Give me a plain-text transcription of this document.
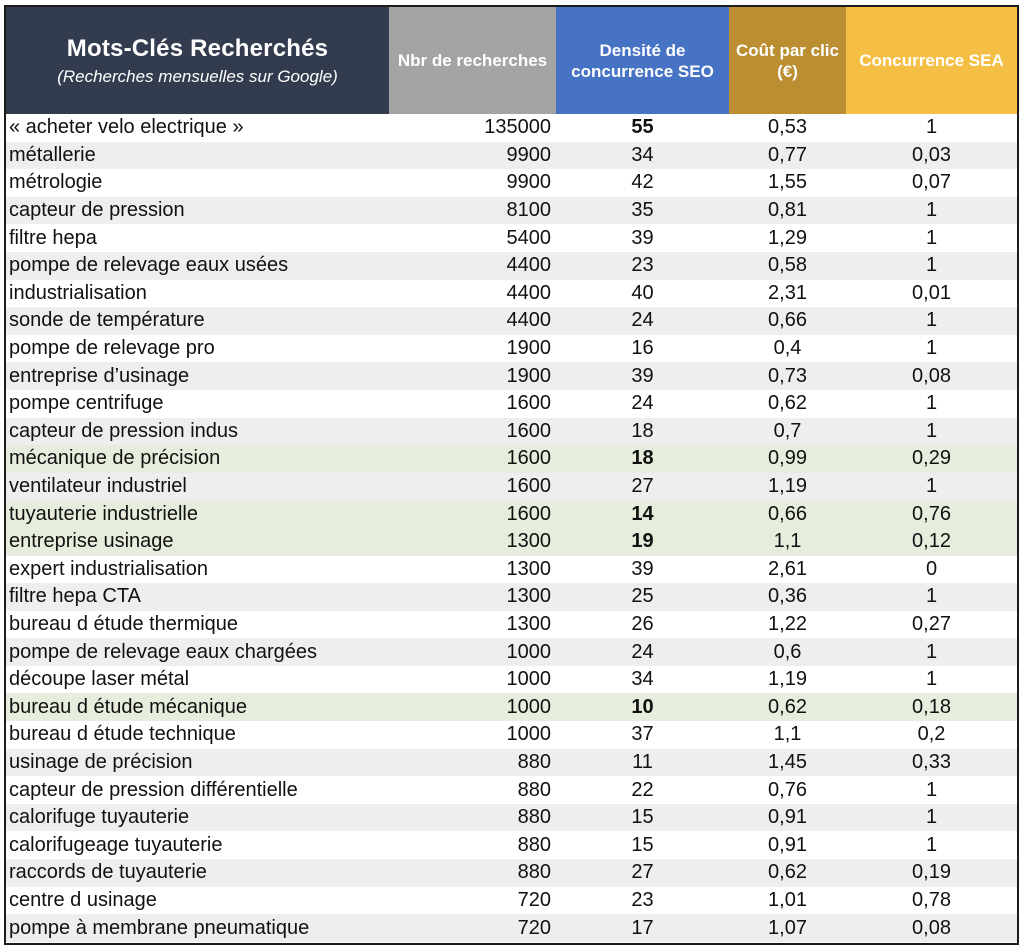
Mots-Clés Recherchés
(Recherches mensuelles sur Google)	Nbr de recherches	Densité de concurrence SEO	Coût par clic (€)	Concurrence SEA
« acheter velo electrique »	135000	55	0,53	1
métallerie	9900	34	0,77	0,03
métrologie	9900	42	1,55	0,07
capteur de pression	8100	35	0,81	1
filtre hepa	5400	39	1,29	1
pompe de relevage eaux usées	4400	23	0,58	1
industrialisation	4400	40	2,31	0,01
sonde de température	4400	24	0,66	1
pompe de relevage pro	1900	16	0,4	1
entreprise d’usinage	1900	39	0,73	0,08
pompe centrifuge	1600	24	0,62	1
capteur de pression indus	1600	18	0,7	1
mécanique de précision	1600	18	0,99	0,29
ventilateur industriel	1600	27	1,19	1
tuyauterie industrielle	1600	14	0,66	0,76
entreprise usinage	1300	19	1,1	0,12
expert industrialisation	1300	39	2,61	0
filtre hepa CTA	1300	25	0,36	1
bureau d étude thermique	1300	26	1,22	0,27
pompe de relevage eaux chargées	1000	24	0,6	1
découpe laser métal	1000	34	1,19	1
bureau d étude mécanique	1000	10	0,62	0,18
bureau d étude technique	1000	37	1,1	0,2
usinage de précision	880	11	1,45	0,33
capteur de pression différentielle	880	22	0,76	1
calorifuge tuyauterie	880	15	0,91	1
calorifugeage tuyauterie	880	15	0,91	1
raccords de tuyauterie	880	27	0,62	0,19
centre d usinage	720	23	1,01	0,78
pompe à membrane pneumatique	720	17	1,07	0,08
